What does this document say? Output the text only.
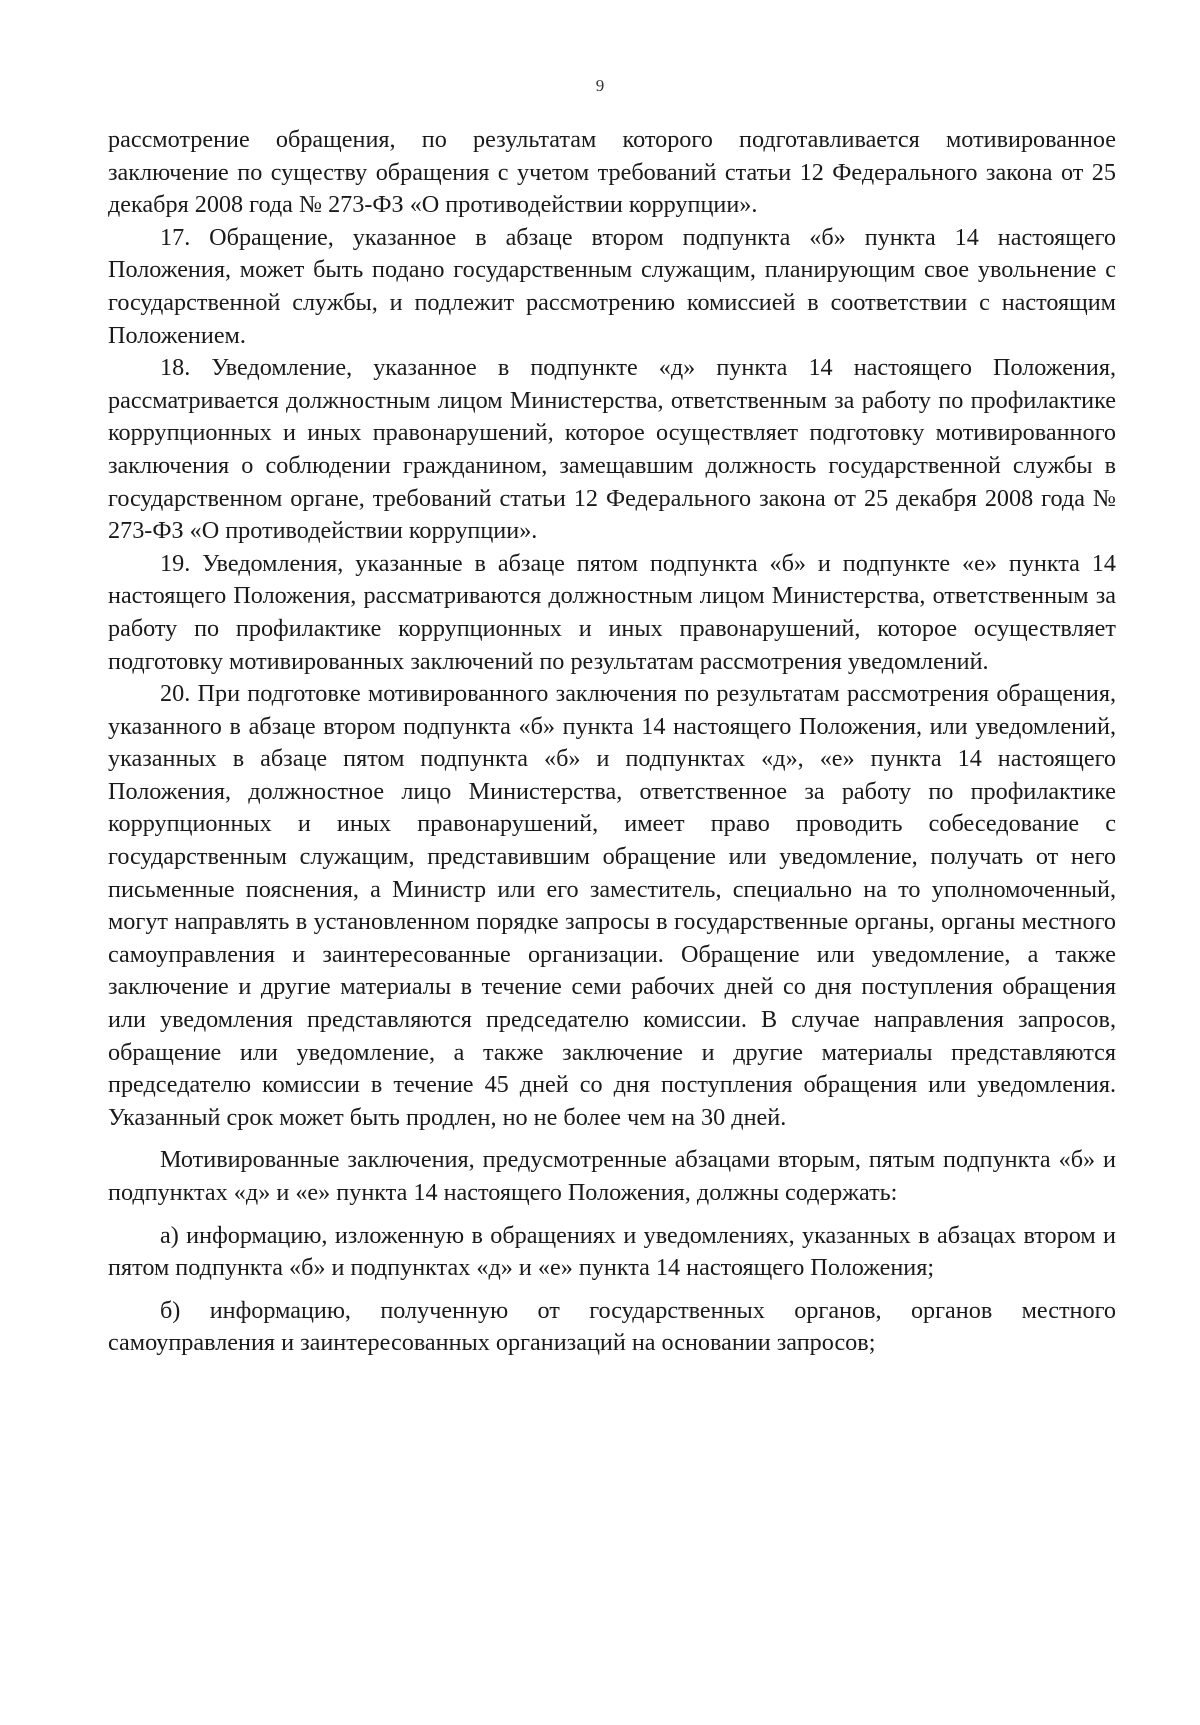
9

рассмотрение обращения, по результатам которого подготавливается мотивированное заключение по существу обращения с учетом требований статьи 12 Федерального закона от 25 декабря 2008 года № 273-ФЗ «О противодействии коррупции».

17. Обращение, указанное в абзаце втором подпункта «б» пункта 14 настоящего Положения, может быть подано государственным служащим, планирующим свое увольнение с государственной службы, и подлежит рассмотрению комиссией в соответствии с настоящим Положением.

18. Уведомление, указанное в подпункте «д» пункта 14 настоящего Положения, рассматривается должностным лицом Министерства, ответственным за работу по профилактике коррупционных и иных правонарушений, которое осуществляет подготовку мотивированного заключения о соблюдении гражданином, замещавшим должность государственной службы в государственном органе, требований статьи 12 Федерального закона от 25 декабря 2008 года № 273-ФЗ «О противодействии коррупции».

19. Уведомления, указанные в абзаце пятом подпункта «б» и подпункте «е» пункта 14 настоящего Положения, рассматриваются должностным лицом Министерства, ответственным за работу по профилактике коррупционных и иных правонарушений, которое осуществляет подготовку мотивированных заключений по результатам рассмотрения уведомлений.

20. При подготовке мотивированного заключения по результатам рассмотрения обращения, указанного в абзаце втором подпункта «б» пункта 14 настоящего Положения, или уведомлений, указанных в абзаце пятом подпункта «б» и подпунктах «д», «е» пункта 14 настоящего Положения, должностное лицо Министерства, ответственное за работу по профилактике коррупционных и иных правонарушений, имеет право проводить собеседование с государственным служащим, представившим обращение или уведомление, получать от него письменные пояснения, а Министр или его заместитель, специально на то уполномоченный, могут направлять в установленном порядке запросы в государственные органы, органы местного самоуправления и заинтересованные организации. Обращение или уведомление, а также заключение и другие материалы в течение семи рабочих дней со дня поступления обращения или уведомления представляются председателю комиссии. В случае направления запросов, обращение или уведомление, а также заключение и другие материалы представляются председателю комиссии в течение 45 дней со дня поступления обращения или уведомления. Указанный срок может быть продлен, но не более чем на 30 дней.

Мотивированные заключения, предусмотренные абзацами вторым, пятым подпункта «б» и подпунктах «д» и «е» пункта 14 настоящего Положения, должны содержать:

а) информацию, изложенную в обращениях и уведомлениях, указанных в абзацах втором и пятом подпункта «б» и подпунктах «д» и «е» пункта 14 настоящего Положения;

б) информацию, полученную от государственных органов, органов местного самоуправления и заинтересованных организаций на основании запросов;
